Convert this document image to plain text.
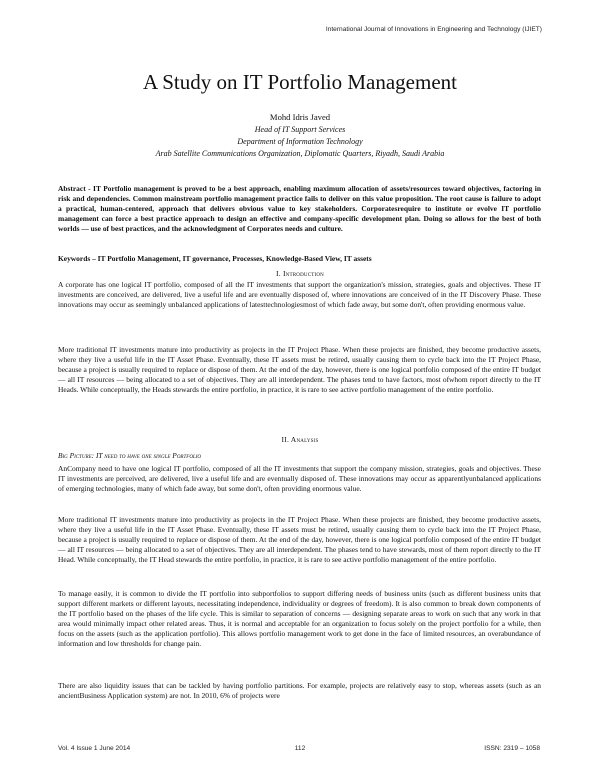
International Journal of Innovations in Engineering and Technology (IJIET)
A Study on IT Portfolio Management
Mohd Idris Javed
Head of IT Support Services
Department of Information Technology
Arab Satellite Communications Organization, Diplomatic Quarters, Riyadh, Saudi Arabia
Abstract - IT Portfolio management is proved to be a best approach, enabling maximum allocation of assets/resources toward objectives, factoring in risk and dependencies. Common mainstream portfolio management practice fails to deliver on this value proposition. The root cause is failure to adopt a practical, human-centered, approach that delivers obvious value to key stakeholders. Corporatesrequire to institute or evolve IT portfolio management can force a best practice approach to design an effective and company-specific development plan. Doing so allows for the best of both worlds — use of best practices, and the acknowledgment of Corporates needs and culture.
Keywords – IT Portfolio Management, IT governance, Processes, Knowledge-Based View, IT assets
I. Introduction
A corporate has one logical IT portfolio, composed of all the IT investments that support the organization's mission, strategies, goals and objectives. These IT investments are conceived, are delivered, live a useful life and are eventually disposed of, where innovations are conceived of in the IT Discovery Phase. These innovations may occur as seemingly unbalanced applications of latesttechnologiesmost of which fade away, but some don't, often providing enormous value.
More traditional IT investments mature into productivity as projects in the IT Project Phase. When these projects are finished, they become productive assets, where they live a useful life in the IT Asset Phase. Eventually, these IT assets must be retired, usually causing them to cycle back into the IT Project Phase, because a project is usually required to replace or dispose of them. At the end of the day, however, there is one logical portfolio composed of the entire IT budget — all IT resources — being allocated to a set of objectives. They are all interdependent. The phases tend to have factors, most ofwhom report directly to the IT Heads. While conceptually, the Heads stewards the entire portfolio, in practice, it is rare to see active portfolio management of the entire portfolio.
II. Analysis
Big Picture: IT need to have one single Portfolio
AnCompany need to have one logical IT portfolio, composed of all the IT investments that support the company mission, strategies, goals and objectives. These IT investments are perceived, are delivered, live a useful life and are eventually disposed of. These innovations may occur as apparentlyunbalanced applications of emerging technologies, many of which fade away, but some don't, often providing enormous value.
More traditional IT investments mature into productivity as projects in the IT Project Phase. When these projects are finished, they become productive assets, where they live a useful life in the IT Asset Phase. Eventually, these IT assets must be retired, usually causing them to cycle back into the IT Project Phase, because a project is usually required to replace or dispose of them. At the end of the day, however, there is one logical portfolio composed of the entire IT budget — all IT resources — being allocated to a set of objectives. They are all interdependent. The phases tend to have stewards, most of them report directly to the IT Head. While conceptually, the IT Head stewards the entire portfolio, in practice, it is rare to see active portfolio management of the entire portfolio.
To manage easily, it is common to divide the IT portfolio into subportfolios to support differing needs of business units (such as different business units that support different markets or different layouts, necessitating independence, individuality or degrees of freedom). It is also common to break down components of the IT portfolio based on the phases of the life cycle. This is similar to separation of concerns — designing separate areas to work on such that any work in that area would minimally impact other related areas. Thus, it is normal and acceptable for an organization to focus solely on the project portfolio for a while, then focus on the assets (such as the application portfolio). This allows portfolio management work to get done in the face of limited resources, an overabundance of information and low thresholds for change pain.
There are also liquidity issues that can be tackled by having portfolio partitions. For example, projects are relatively easy to stop, whereas assets (such as an ancientBusiness Application system) are not. In 2010, 6% of projects were
Vol. 4 Issue 1 June 2014	112	ISSN: 2319 – 1058
